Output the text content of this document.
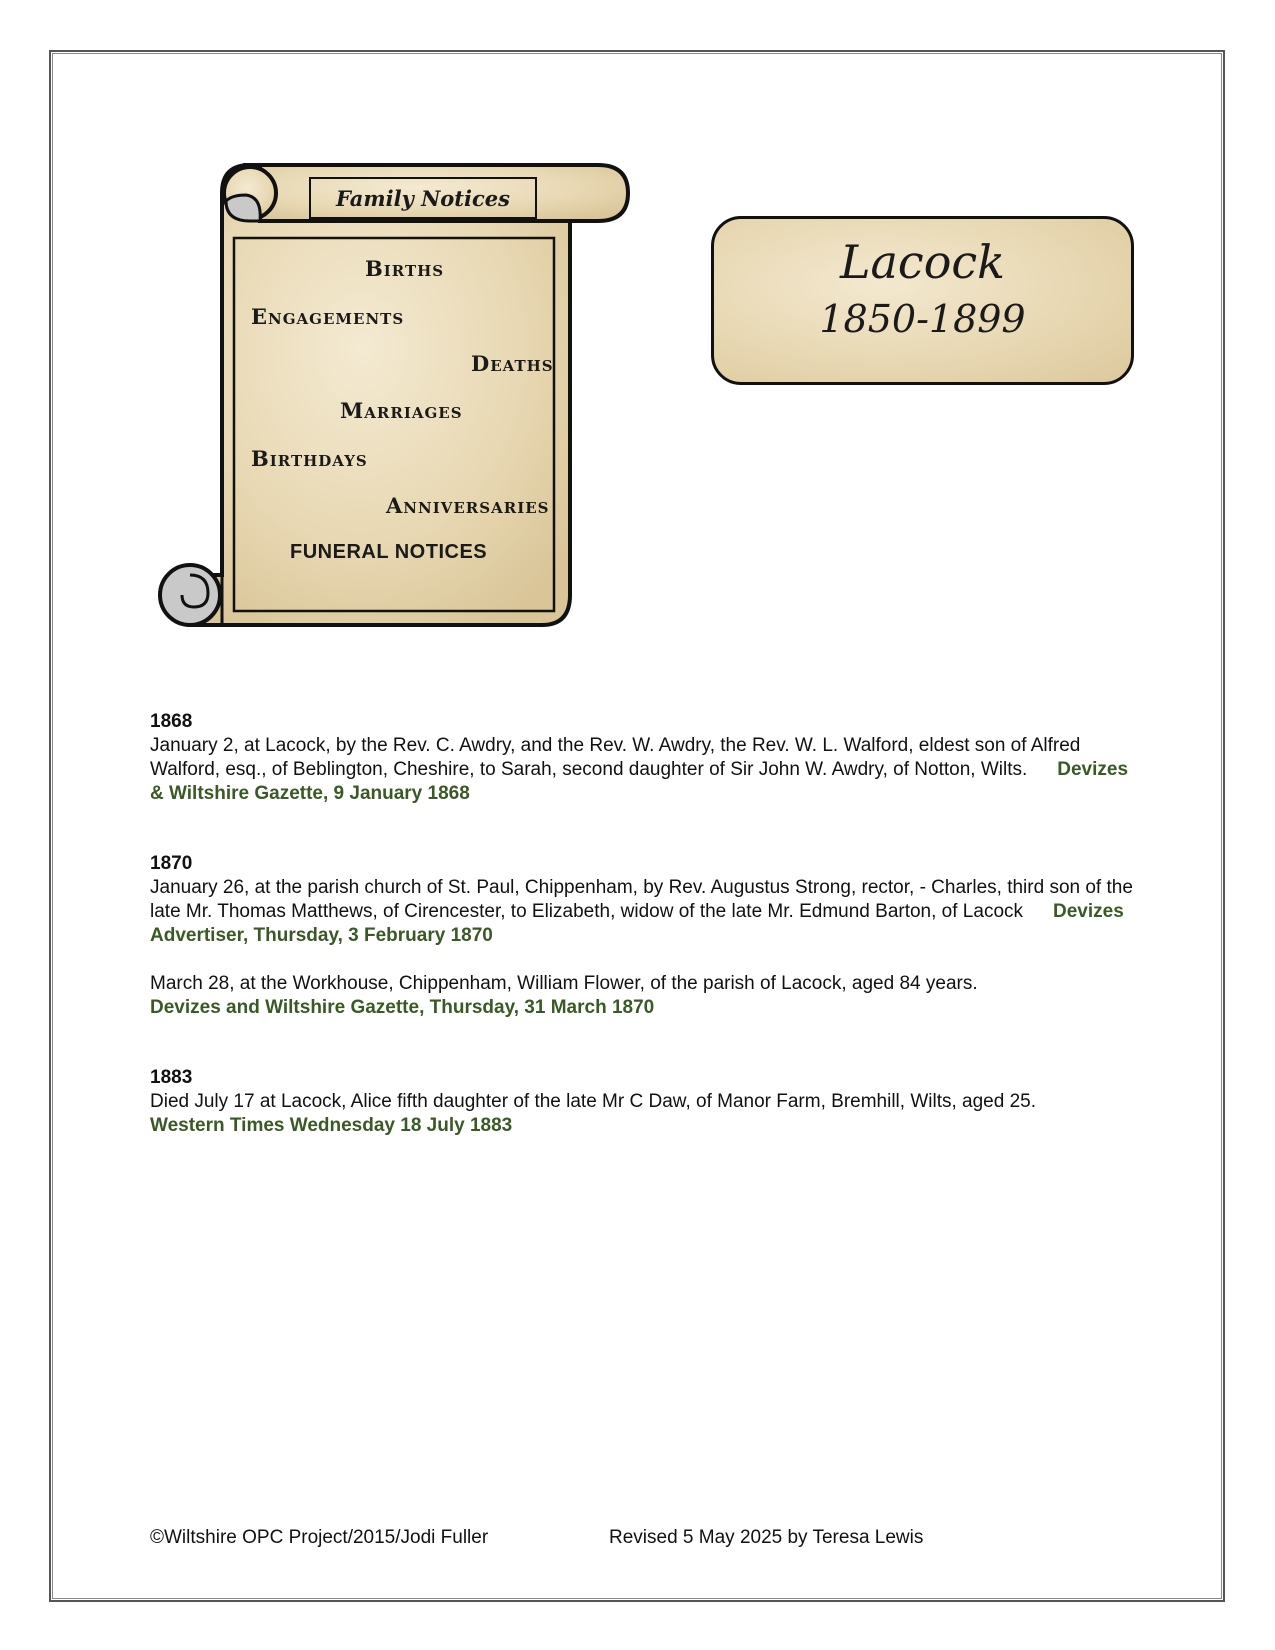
Family Notices
Births
Engagements
Deaths
Marriages
Birthdays
Anniversaries
FUNERAL NOTICES
Lacock
1850-1899
1868
January 2, at Lacock, by the Rev. C. Awdry, and the Rev. W. Awdry, the Rev. W. L. Walford, eldest son of Alfred Walford, esq., of Beblington, Cheshire, to Sarah, second daughter of Sir John W. Awdry, of Notton, Wilts. Devizes & Wiltshire Gazette, 9 January 1868
1870
January 26, at the parish church of St. Paul, Chippenham, by Rev. Augustus Strong, rector, - Charles, third son of the late Mr. Thomas Matthews, of Cirencester, to Elizabeth, widow of the late Mr. Edmund Barton, of Lacock Devizes Advertiser, Thursday, 3 February 1870
March 28, at the Workhouse, Chippenham, William Flower, of the parish of Lacock, aged 84 years.
Devizes and Wiltshire Gazette, Thursday, 31 March 1870
1883
Died July 17 at Lacock, Alice fifth daughter of the late Mr C Daw, of Manor Farm, Bremhill, Wilts, aged 25.
Western Times Wednesday 18 July 1883
©Wiltshire OPC Project/2015/Jodi Fuller	Revised 5 May 2025 by Teresa Lewis
